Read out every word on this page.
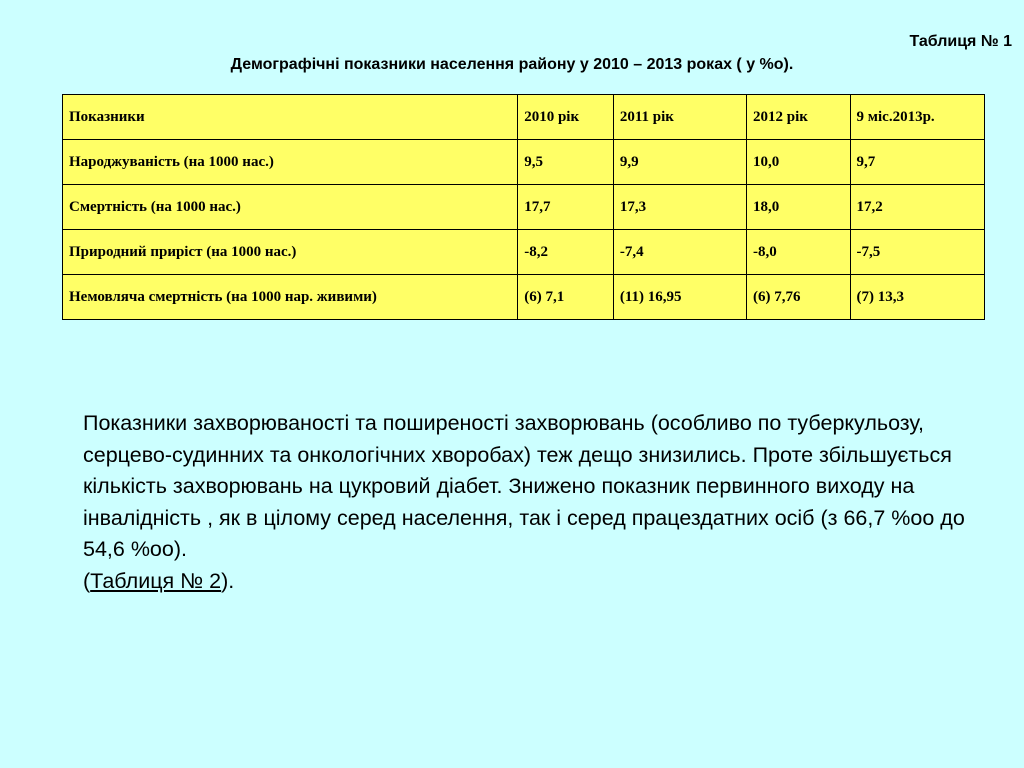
Таблиця № 1
Демографічні показники населення району у 2010 – 2013 роках ( у %о).
Показники	2010 рік	2011 рік	2012 рік	9 міс.2013р.
Народжуваність (на 1000 нас.)	9,5	9,9	10,0	9,7
Смертність (на 1000 нас.)	17,7	17,3	18,0	17,2
Природний приріст (на 1000 нас.)	-8,2	-7,4	-8,0	-7,5
Немовляча смертність (на 1000 нар. живими)	(6) 7,1	(11) 16,95	(6) 7,76	(7) 13,3
Показники захворюваності та поширеності захворювань (особливо по туберкульозу, серцево-судинних та онкологічних хворобах) теж дещо знизились. Проте збільшується кількість захворювань на цукровий діабет. Знижено показник первинного виходу на інвалідність , як в цілому серед населення, так і серед працездатних осіб (з 66,7 %оо до 54,6 %оо).
(Таблиця № 2).
